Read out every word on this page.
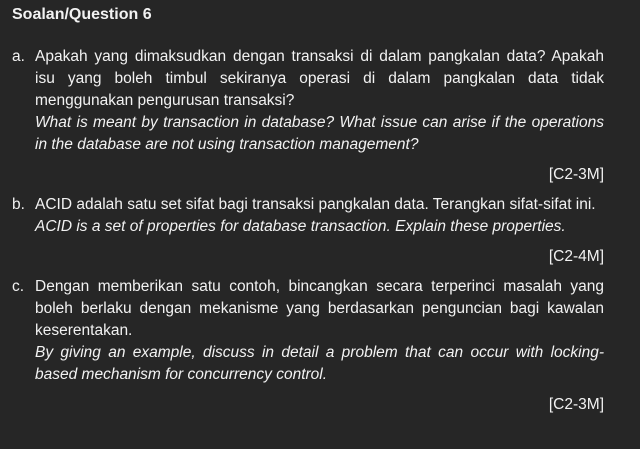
Soalan/Question 6
a. Apakah yang dimaksudkan dengan transaksi di dalam pangkalan data? Apakah isu yang boleh timbul sekiranya operasi di dalam pangkalan data tidak menggunakan pengurusan transaksi?
What is meant by transaction in database? What issue can arise if the operations in the database are not using transaction management?
[C2-3M]
b. ACID adalah satu set sifat bagi transaksi pangkalan data. Terangkan sifat-sifat ini.
ACID is a set of properties for database transaction. Explain these properties.
[C2-4M]
c. Dengan memberikan satu contoh, bincangkan secara terperinci masalah yang boleh berlaku dengan mekanisme yang berdasarkan penguncian bagi kawalan keserentakan.
By giving an example, discuss in detail a problem that can occur with locking-based mechanism for concurrency control.
[C2-3M]
